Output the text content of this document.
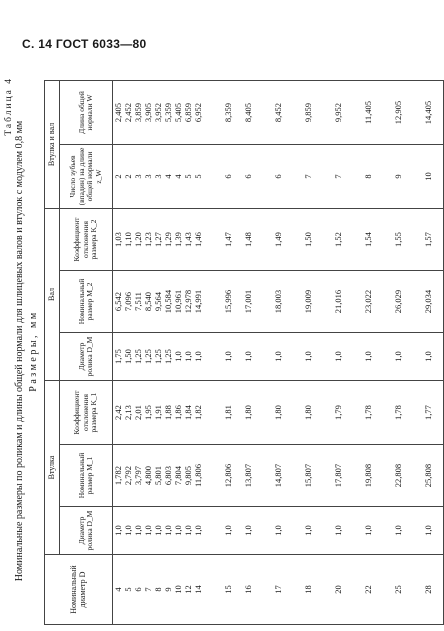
С. 14 ГОСТ 6033—80
Таблица 4
Номинальные размеры по роликам и длины общей нормали для шлицевых валов и втулок с модулем 0,8 мм Размеры, мм
Номинальный диаметр D	Втулка			Вал			Втулка и вал	
	Диаметр ролика D_M	Номинальный размер M_1	Коэффициент отклонения размера K_1	Диаметр ролика D_M	Номинальный размер M_2	Коэффициент отклонения размера K_2	Число зубьев (впадин) на длине общей нормали z_W	Длина общей нормали W
4	1,0	1,782	2,42	1,75	6,542	1,03	2	2,405
5	1,0	2,792	2,13	1,50	7,096	1,10	2	2,452
6	1,0	3,797	2,01	1,25	7,511	1,20	3	3,859
7	1,0	4,800	1,95	1,25	8,540	1,23	3	3,905
8	1,0	5,801	1,91	1,25	9,564	1,27	3	3,952
9	1,0	6,803	1,88	1,25	10,584	1,29	4	5,359
10	1,0	7,804	1,86	1,0	10,961	1,39	4	5,405
12	1,0	9,805	1,84	1,0	12,978	1,43	5	6,859
14	1,0	11,806	1,82	1,0	14,991	1,46	5	6,952
15	1,0	12,806	1,81	1,0	15,996	1,47	6	8,359
16	1,0	13,807	1,80	1,0	17,001	1,48	6	8,405
17	1,0	14,807	1,80	1,0	18,003	1,49	6	8,452
18	1,0	15,807	1,80	1,0	19,009	1,50	7	9,859
20	1,0	17,807	1,79	1,0	21,016	1,52	7	9,952
22	1,0	19,808	1,78	1,0	23,022	1,54	8	11,405
25	1,0	22,808	1,78	1,0	26,029	1,55	9	12,905
28	1,0	25,808	1,77	1,0	29,034	1,57	10	14,405
